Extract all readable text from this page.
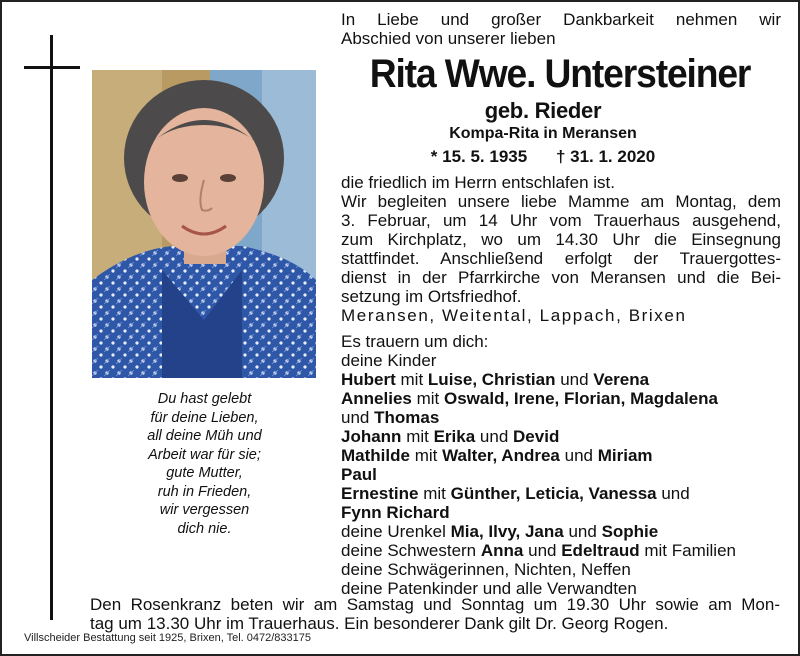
Du hast gelebt
für deine Lieben,
all deine Müh und
Arbeit war für sie;
gute Mutter,
ruh in Frieden,
wir vergessen
dich nie.
In Liebe und großer Dankbarkeit nehmen wir
Abschied von unserer lieben
Rita Wwe. Untersteiner
geb. Rieder
Kompa-Rita in Meransen
* 15. 5. 1935 † 31. 1. 2020
die friedlich im Herrn entschlafen ist.
Wir begleiten unsere liebe Mamme am Montag, dem
3. Februar, um 14 Uhr vom Trauerhaus ausgehend,
zum Kirchplatz, wo um 14.30 Uhr die Einsegnung
stattfindet. Anschließend erfolgt der Trauergottes-
dienst in der Pfarrkirche von Meransen und die Bei-
setzung im Ortsfriedhof.
Meransen, Weitental, Lappach, Brixen
Es trauern um dich:
deine Kinder
Hubert mit Luise, Christian und Verena
Annelies mit Oswald, Irene, Florian, Magdalena
und Thomas
Johann mit Erika und Devid
Mathilde mit Walter, Andrea und Miriam
Paul
Ernestine mit Günther, Leticia, Vanessa und
Fynn Richard
deine Urenkel Mia, Ilvy, Jana und Sophie
deine Schwestern Anna und Edeltraud mit Familien
deine Schwägerinnen, Nichten, Neffen
deine Patenkinder und alle Verwandten
Den Rosenkranz beten wir am Samstag und Sonntag um 19.30 Uhr sowie am Mon-
tag um 13.30 Uhr im Trauerhaus. Ein besonderer Dank gilt Dr. Georg Rogen.
Villscheider Bestattung seit 1925, Brixen, Tel. 0472/833175
